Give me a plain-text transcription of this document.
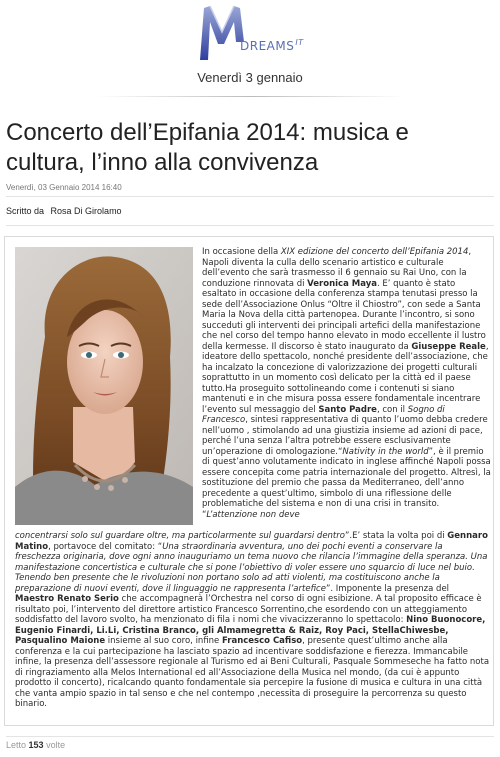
$DREAMS^{IT}$
Venerdì 3 gennaio
Concerto dell’Epifania 2014: musica e cultura, l’inno alla convivenza
Venerdì, 03 Gennaio 2014 16:40
Scritto da Rosa Di Girolamo

In occasione della XIX edizione del concerto dell’Epifania 2014, Napoli diventa la culla dello scenario artistico e culturale dell’evento che sarà trasmesso il 6 gennaio su Rai Uno, con la conduzione rinnovata di Veronica Maya. E’ quanto è stato esaltato in occasione della conferenza stampa tenutasi presso la sede dell’Associazione Onlus “Oltre il Chiostro”, con sede a Santa Maria la Nova della città partenopea. Durante l’incontro, si sono succeduti gli interventi dei principali artefici della manifestazione che nel corso del tempo hanno elevato in modo eccellente il lustro della kermesse. Il discorso è stato inaugurato da Giuseppe Reale, ideatore dello spettacolo, nonché presidente dell’associazione, che ha incalzato la concezione di valorizzazione dei progetti culturali soprattutto in un momento così delicato per la città ed il paese tutto.Ha proseguito sottolineando come i contenuti si siano mantenuti e in che misura possa essere fondamentale incentrare l’evento sul messaggio del Santo Padre, con il Sogno di Francesco, sintesi rappresentativa di quanto l’uomo debba credere nell’uomo , stimolando ad una giustizia insieme ad azioni di pace, perché l’una senza l’altra potrebbe essere esclusivamente un’operazione di omologazione.“Nativity in the world”, è il premio di quest’anno volutamente indicato in inglese affinché Napoli possa essere concepita come patria internazionale del progetto. Altresì, la sostituzione del premio che passa da Mediterraneo, dell’anno precedente a quest’ultimo, simbolo di una riflessione delle problematiche del sistema e non di una crisi in transito. “L’attenzione non deve

concentrarsi solo sul guardare oltre, ma particolarmente sul guardarsi dentro”.E’ stata la volta poi di Gennaro Matino, portavoce del comitato: “Una straordinaria avventura, uno dei pochi eventi a conservare la freschezza originaria, dove ogni anno inauguriamo un tema nuovo che rilancia l’immagine della speranza. Una manifestazione concertistica e culturale che si pone l’obiettivo di voler essere uno squarcio di luce nel buio. Tenendo ben presente che le rivoluzioni non portano solo ad atti violenti, ma costituiscono anche la preparazione di nuovi eventi, dove il linguaggio ne rappresenta l’artefice”. Imponente la presenza del Maestro Renato Serio che accompagnerà l’Orchestra nel corso di ogni esibizione. A tal proposito efficace è risultato poi, l’intervento del direttore artistico Francesco Sorrentino,che esordendo con un atteggiamento soddisfatto del lavoro svolto, ha menzionato di fila i nomi che vivacizzeranno lo spettacolo: Nino Buonocore, Eugenio Finardi, Li.Li, Cristina Branco, gli Almamegretta & Raiz, Roy Paci, StellaChiwesbe, Pasqualino Maione insieme al suo coro, infine Francesco Cafiso, presente quest’ultimo anche alla conferenza e la cui partecipazione ha lasciato spazio ad incentivare soddisfazione e fierezza. Immancabile infine, la presenza dell’assessore regionale al Turismo ed ai Beni Culturali, Pasquale Sommeseche ha fatto nota di ringraziamento alla Melos International ed all’Associazione della Musica nel mondo, (da cui è appunto prodotto il concerto), ricalcando quanto fondamentale sia percepire la fusione di musica e cultura in una città che vanta ampio spazio in tal senso e che nel contempo ,necessita di proseguire la percorrenza su questo binario.

Letto 153 volte
